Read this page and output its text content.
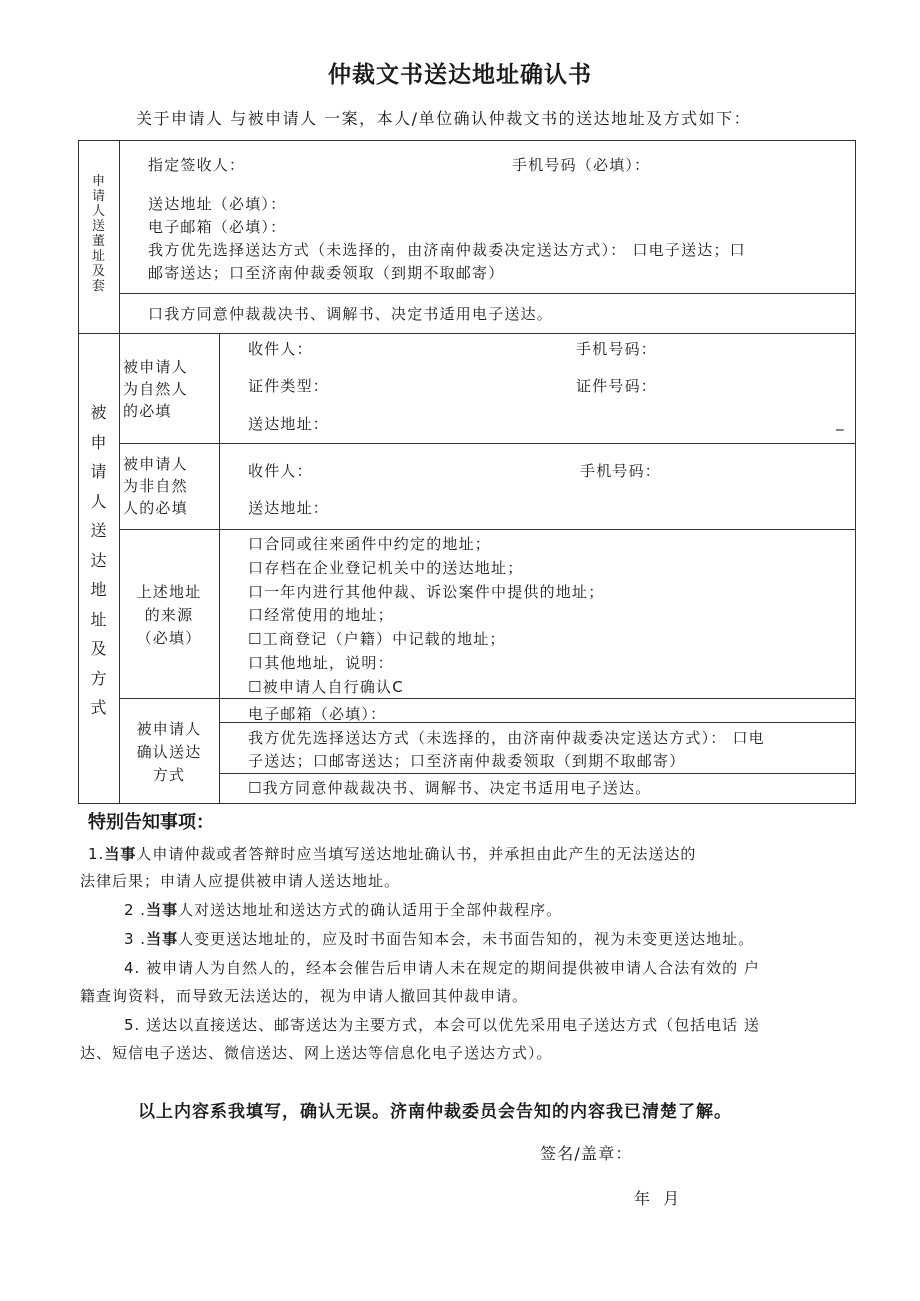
仲裁文书送达地址确认书
关于申请人 与被申请人 一案，本人/单位确认仲裁文书的送达地址及方式如下：
申
请
人
送
董
址
及
套
指定签收人：	手机号码（必填）：
送达地址（必填）：
电子邮箱（必填）：
我方优先选择送达方式（未选择的，由济南仲裁委决定送达方式）： 口电子送达；口
邮寄送达；口至济南仲裁委领取（到期不取邮寄）
口我方同意仲裁裁决书、调解书、决定书适用电子送达。
被
申
请
人
送
达
地
址
及
方
式
被申请人
为自然人
的必填
收件人：	手机号码：
证件类型：	证件号码：
送达地址：	_
被申请人
为非自然
人的必填
收件人：	手机号码：
送达地址：
上述地址
的来源
（必填）
口合同或往来函件中约定的地址；
口存档在企业登记机关中的送达地址；
口一年内进行其他仲裁、诉讼案件中提供的地址；
口经常使用的地址；
☐工商登记（户籍）中记载的地址；
口其他地址，说明：
☐被申请人自行确认C
被申请人
确认送达
方式
电子邮箱（必填）：
我方优先选择送达方式（未选择的，由济南仲裁委决定送达方式）： 口电
子送达；口邮寄送达；口至济南仲裁委领取（到期不取邮寄）
☐我方同意仲裁裁决书、调解书、决定书适用电子送达。
特别告知事项：
1.当事人申请仲裁或者答辩时应当填写送达地址确认书，并承担由此产生的无法送达的
法律后果；申请人应提供被申请人送达地址。
2 .当事人对送达地址和送达方式的确认适用于全部仲裁程序。
3 .当事人变更送达地址的，应及时书面告知本会，未书面告知的，视为未变更送达地址。
4. 被申请人为自然人的，经本会催告后申请人未在规定的期间提供被申请人合法有效的 户
籍查询资料，而导致无法送达的，视为申请人撤回其仲裁申请。
5. 送达以直接送达、邮寄送达为主要方式，本会可以优先采用电子送达方式（包括电话 送
达、短信电子送达、微信送达、网上送达等信息化电子送达方式）。
以上内容系我填写，确认无误。济南仲裁委员会告知的内容我已清楚了解。
签名/盖章：
年 月
